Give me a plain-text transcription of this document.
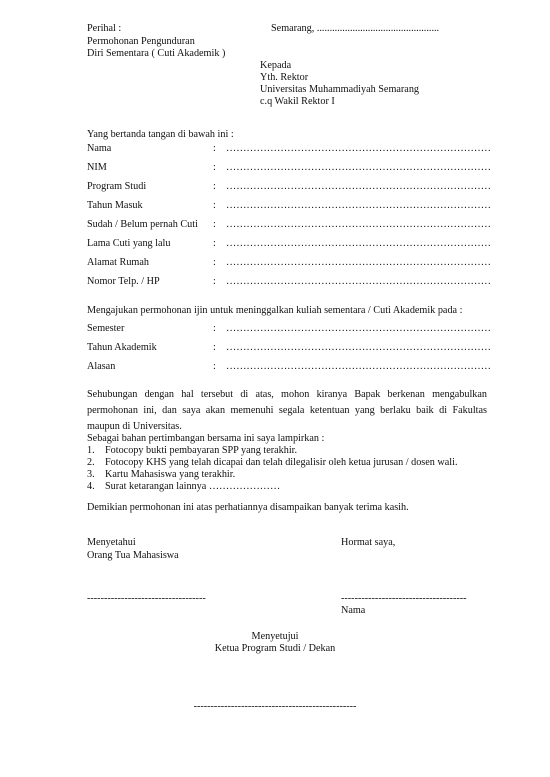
Perihal :
Permohonan Pengunduran
Diri Sementara ( Cuti Akademik )
Semarang, ................................................
Kepada
Yth. Rektor
Universitas Muhammadiyah Semarang
c.q Wakil Rektor I
Yang bertanda tangan di bawah ini :
Nama	: ……………………………………………………………………
NIM	: ……………………………………………………………………
Program Studi	: ……………………………………………………………………
Tahun Masuk	: ……………………………………………………………………
Sudah / Belum pernah Cuti : ……………………………………………………………………
Lama Cuti yang lalu	: ……………………………………………………………………
Alamat Rumah	: ……………………………………………………………………
Nomor Telp. / HP	: ……………………………………………………………………
Mengajukan permohonan ijin untuk meninggalkan kuliah sementara / Cuti Akademik pada :
Semester	: ……………………………………………………………………
Tahun Akademik	: ……………………………………………………………………
Alasan	: ……………………………………………………………………
Sehubungan dengan hal tersebut di atas, mohon kiranya Bapak berkenan mengabulkan permohonan ini, dan saya akan memenuhi segala ketentuan yang berlaku baik di Fakultas maupun di Universitas.
Sebagai bahan pertimbangan bersama ini saya lampirkan :
1. Fotocopy bukti pembayaran SPP yang terakhir.
2. Fotocopy KHS yang telah dicapai dan telah dilegalisir oleh ketua jurusan / dosen wali.
3. Kartu Mahasiswa yang terakhir.
4. Surat ketarangan lainnya …………………
Demikian permohonan ini atas perhatiannya disampaikan banyak terima kasih.
Menyetahui
Orang Tua Mahasiswa
Hormat saya,
-----------------------------------	-------------------------------------
Nama
Menyetujui
Ketua Program Studi / Dekan
------------------------------------------------
